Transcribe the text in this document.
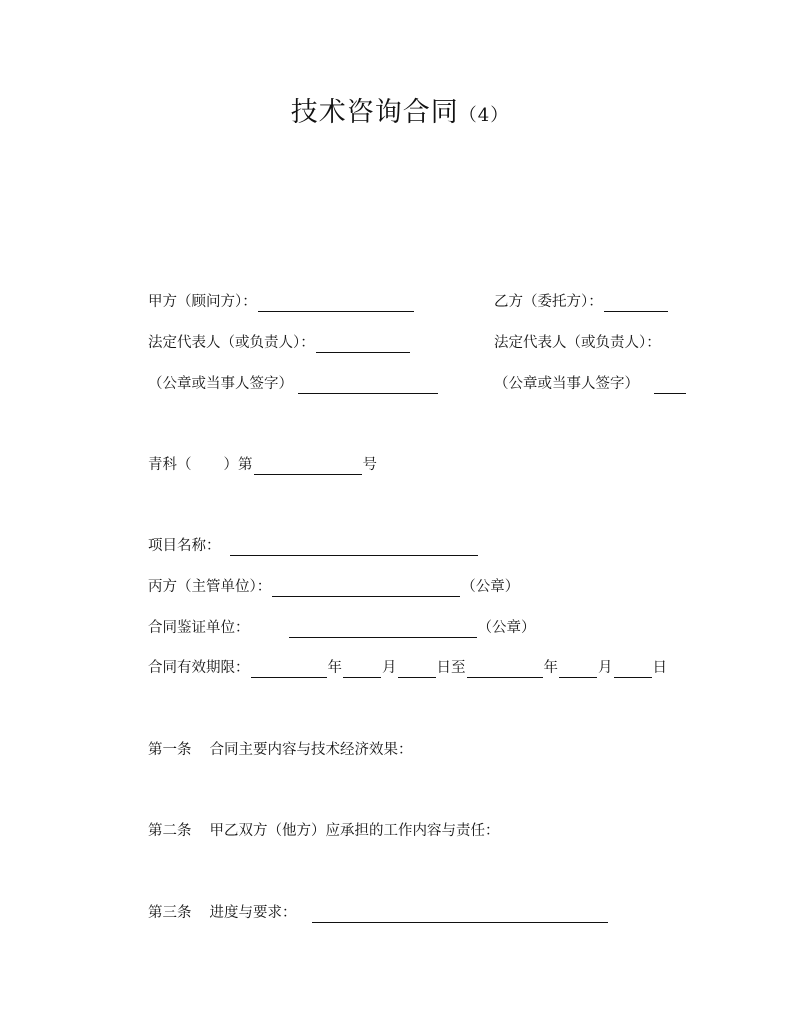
技术咨询合同（4）
甲方（顾问方）：	乙方（委托方）：
法定代表人（或负责人）：	法定代表人（或负责人）：
（公章或当事人签字）	（公章或当事人签字）
青科（ ）第	号
项目名称：
丙方（主管单位）：	（公章）
合同鉴证单位：	（公章）
合同有效期限：	年	月	日至	年	月	日
第一条 合同主要内容与技术经济效果：
第二条 甲乙双方（他方）应承担的工作内容与责任：
第三条 进度与要求：
